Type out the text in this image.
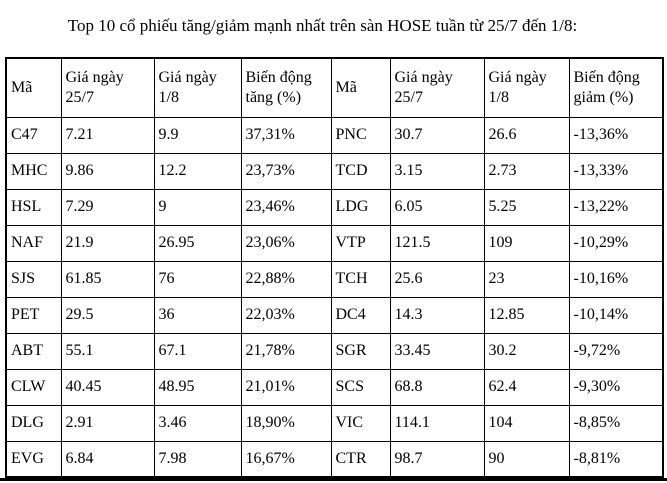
Top 10 cổ phiếu tăng/giảm mạnh nhất trên sàn HOSE tuần từ 25/7 đến 1/8:
Mã	Giá ngày 25/7	Giá ngày 1/8	Biến động tăng (%)	Mã	Giá ngày 25/7	Giá ngày 1/8	Biến động giảm (%)
C47	7.21	9.9	37,31%	PNC	30.7	26.6	-13,36%
MHC	9.86	12.2	23,73%	TCD	3.15	2.73	-13,33%
HSL	7.29	9	23,46%	LDG	6.05	5.25	-13,22%
NAF	21.9	26.95	23,06%	VTP	121.5	109	-10,29%
SJS	61.85	76	22,88%	TCH	25.6	23	-10,16%
PET	29.5	36	22,03%	DC4	14.3	12.85	-10,14%
ABT	55.1	67.1	21,78%	SGR	33.45	30.2	-9,72%
CLW	40.45	48.95	21,01%	SCS	68.8	62.4	-9,30%
DLG	2.91	3.46	18,90%	VIC	114.1	104	-8,85%
EVG	6.84	7.98	16,67%	CTR	98.7	90	-8,81%
